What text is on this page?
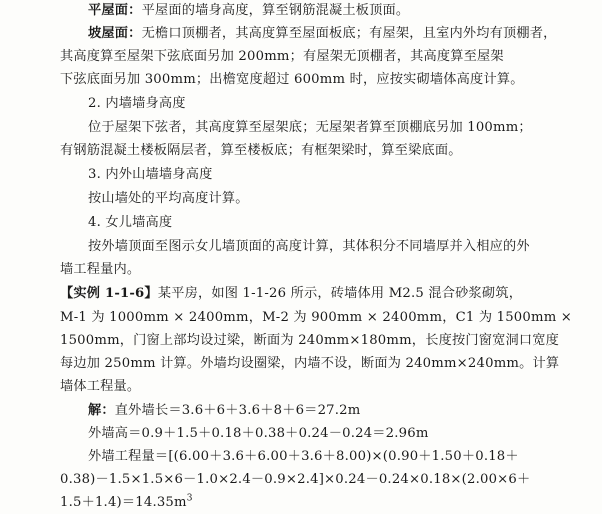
平屋面：平屋面的墙身高度，算至钢筋混凝土板顶面。
坡屋面：无檐口顶棚者，其高度算至屋面板底；有屋架，且室内外均有顶棚者，
其高度算至屋架下弦底面另加 200mm；有屋架无顶棚者，其高度算至屋架
下弦底面另加 300mm；出檐宽度超过 600mm 时，应按实砌墙体高度计算。
2. 内墙墙身高度
位于屋架下弦者，其高度算至屋架底；无屋架者算至顶棚底另加 100mm；
有钢筋混凝土楼板隔层者，算至楼板底；有框架梁时，算至梁底面。
3. 内外山墙墙身高度
按山墙处的平均高度计算。
4. 女儿墙高度
按外墙顶面至图示女儿墙顶面的高度计算，其体积分不同墙厚并入相应的外
墙工程量内。
【实例 1-1-6】某平房，如图 1-1-26 所示，砖墙体用 M2.5 混合砂浆砌筑，
M-1 为 1000mm × 2400mm，M-2 为 900mm × 2400mm，C1 为 1500mm ×
1500mm，门窗上部均设过梁，断面为 240mm×180mm，长度按门窗宽洞口宽度
每边加 250mm 计算。外墙均设圈梁，内墙不设，断面为 240mm×240mm。计算
墙体工程量。
解：直外墙长＝3.6＋6＋3.6＋8＋6＝27.2m
外墙高＝0.9＋1.5＋0.18＋0.38＋0.24－0.24＝2.96m
外墙工程量＝[(6.00＋3.6＋6.00＋3.6＋8.00)×(0.90＋1.50＋0.18＋
0.38)－1.5×1.5×6－1.0×2.4－0.9×2.4]×0.24－0.24×0.18×(2.00×6＋
$1.5+1.4)=14.35m^3$
